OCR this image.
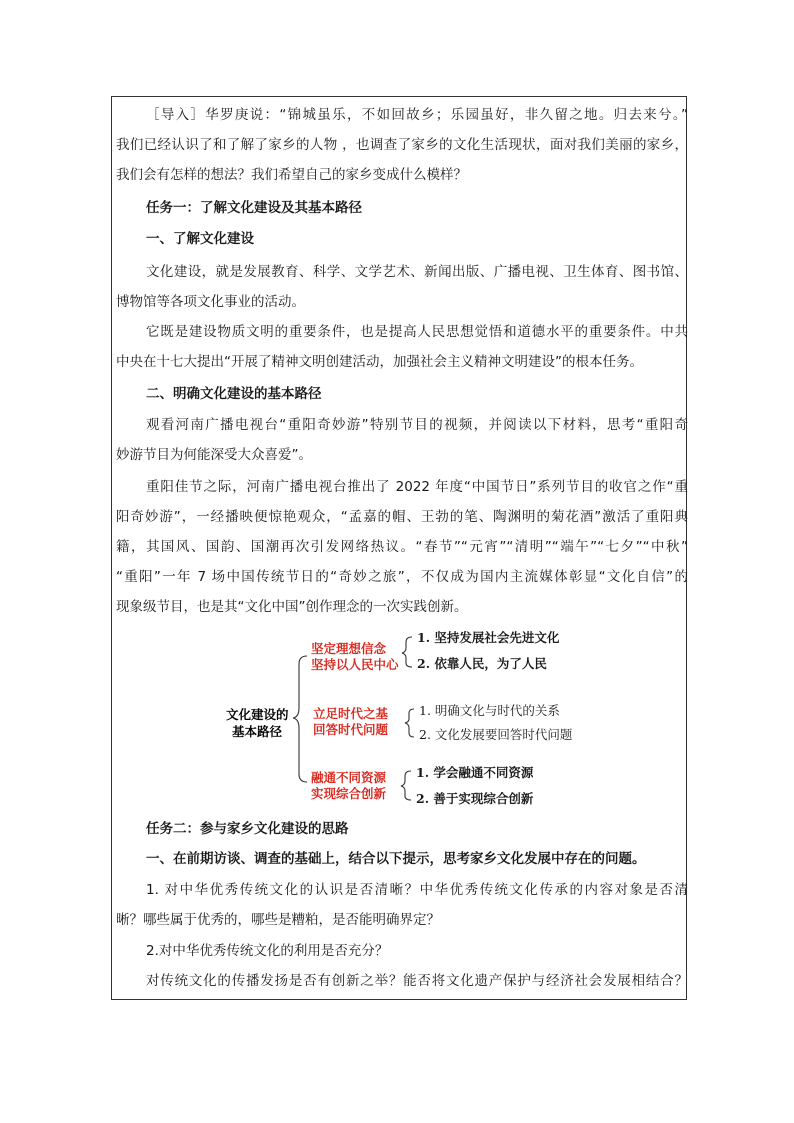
［导入］华罗庚说：“锦城虽乐，不如回故乡；乐园虽好，非久留之地。归去来兮。”
我们已经认识了和了解了家乡的人物 ，也调查了家乡的文化生活现状，面对我们美丽的家乡，
我们会有怎样的想法？我们希望自己的家乡变成什么模样？
任务一：了解文化建设及其基本路径
一、了解文化建设
文化建设，就是发展教育、科学、文学艺术、新闻出版、广播电视、卫生体育、图书馆、
博物馆等各项文化事业的活动。
它既是建设物质文明的重要条件，也是提高人民思想觉悟和道德水平的重要条件。中共
中央在十七大提出“开展了精神文明创建活动，加强社会主义精神文明建设”的根本任务。
二、明确文化建设的基本路径
观看河南广播电视台“重阳奇妙游”特别节目的视频，并阅读以下材料，思考“重阳奇
妙游节目为何能深受大众喜爱”。
重阳佳节之际，河南广播电视台推出了 2022 年度“中国节日”系列节目的收官之作“重
阳奇妙游”，一经播映便惊艳观众，“孟嘉的帽、王勃的笔、陶渊明的菊花酒”激活了重阳典
籍，其国风、国韵、国潮再次引发网络热议。“春节”“元宵”“清明”“端午”“七夕”“中秋”
“重阳”一年 7 场中国传统节日的“奇妙之旅”，不仅成为国内主流媒体彰显“文化自信”的
现象级节目，也是其“文化中国”创作理念的一次实践创新。
任务二：参与家乡文化建设的思路
一、在前期访谈、调查的基础上，结合以下提示，思考家乡文化发展中存在的问题。
1. 对中华优秀传统文化的认识是否清晰？中华优秀传统文化传承的内容对象是否清
晰？哪些属于优秀的，哪些是糟粕，是否能明确界定？
2.对中华优秀传统文化的利用是否充分？
对传统文化的传播发扬是否有创新之举？能否将文化遗产保护与经济社会发展相结合？
文化建设的
基本路径
坚定理想信念
坚持以人民中心
1. 坚持发展社会先进文化
2. 依靠人民，为了人民
立足时代之基
回答时代问题
1. 明确文化与时代的关系
2. 文化发展要回答时代问题
融通不同资源
实现综合创新
1. 学会融通不同资源
2. 善于实现综合创新
